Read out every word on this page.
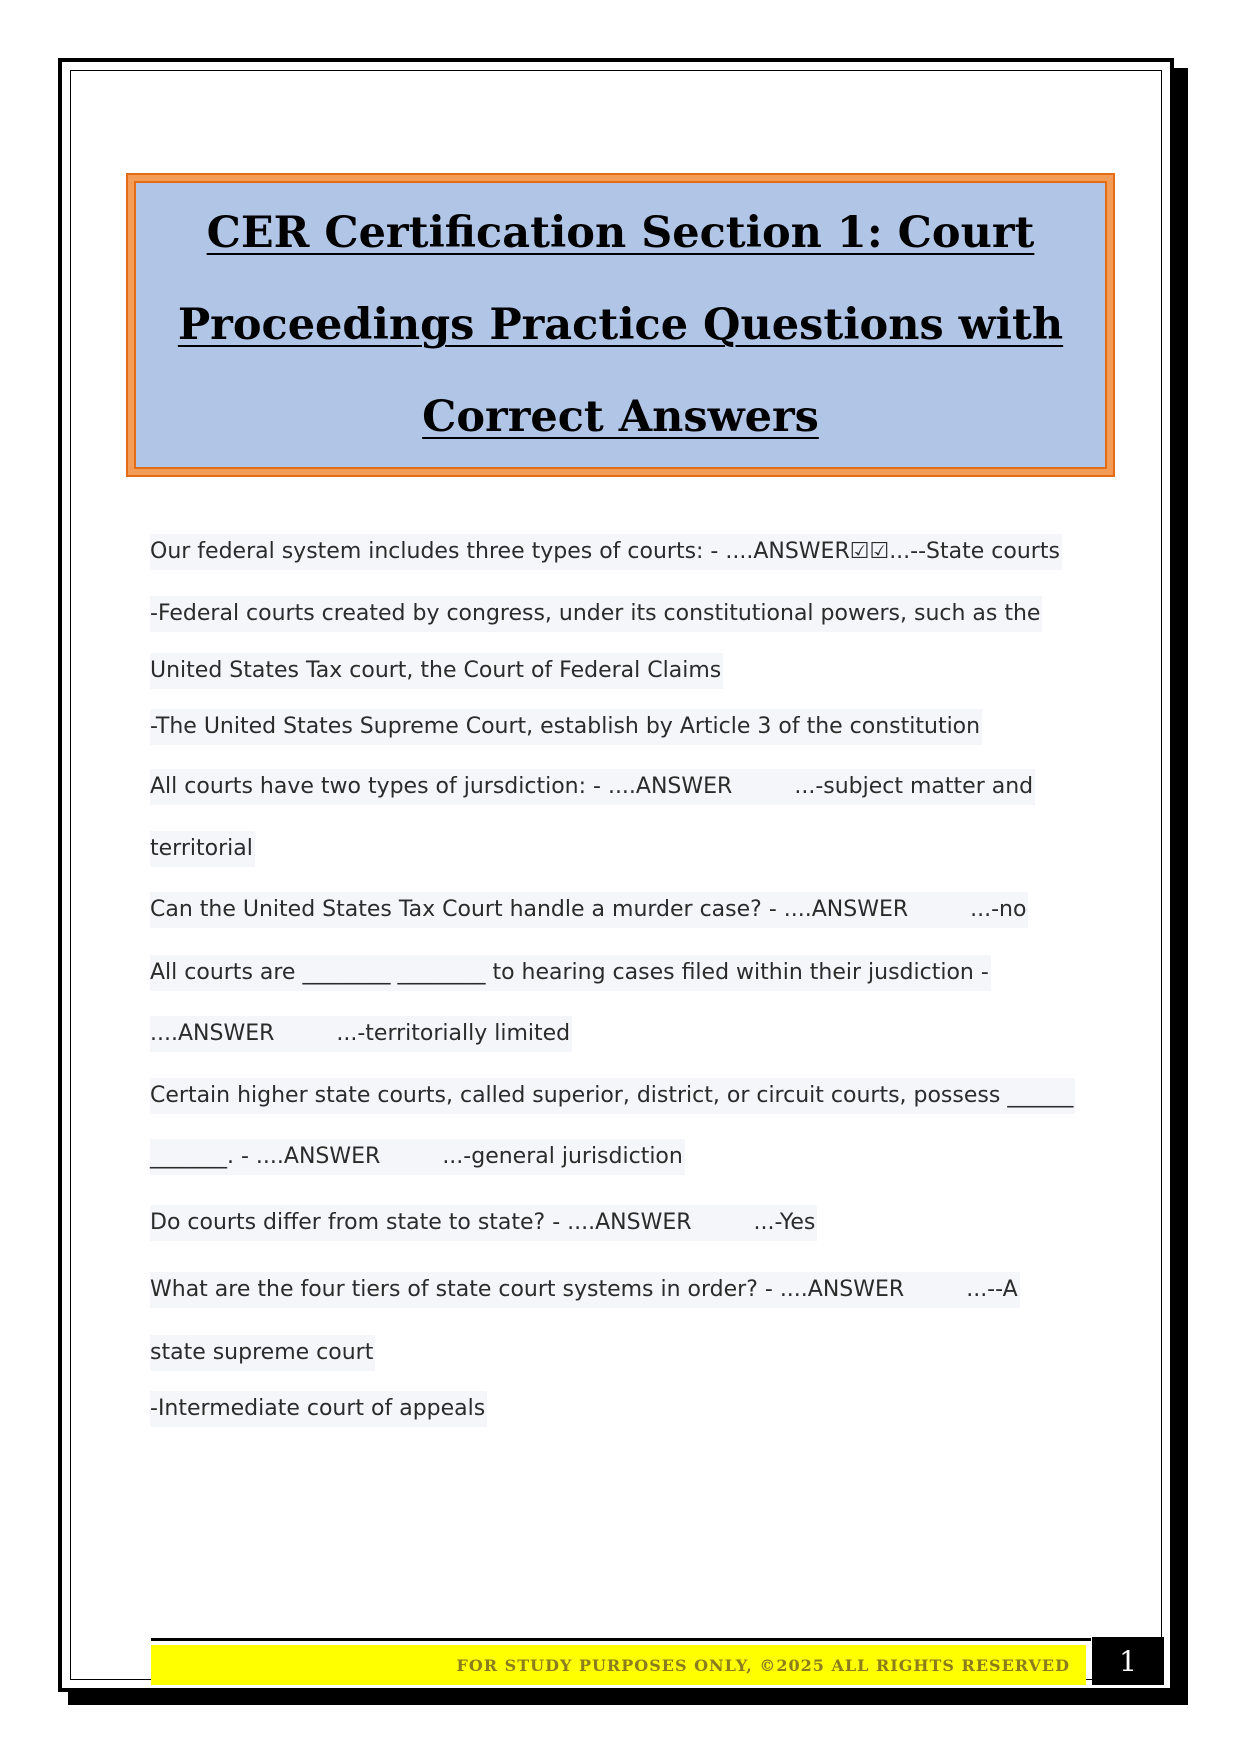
CER Certification Section 1: Court
Proceedings Practice Questions with
Correct Answers
Our federal system includes three types of courts: - ....ANSWER☑☑...--State courts
-Federal courts created by congress, under its constitutional powers, such as the
United States Tax court, the Court of Federal Claims
-The United States Supreme Court, establish by Article 3 of the constitution
All courts have two types of jursdiction: - ....ANSWER	...-subject matter and
territorial
Can the United States Tax Court handle a murder case? - ....ANSWER	...-no
All courts are ________ ________ to hearing cases filed within their jusdiction -
....ANSWER	...-territorially limited
Certain higher state courts, called superior, district, or circuit courts, possess ______
_______. - ....ANSWER	...-general jurisdiction
Do courts differ from state to state? - ....ANSWER	...-Yes
What are the four tiers of state court systems in order? - ....ANSWER	...--A
state supreme court
-Intermediate court of appeals
FOR STUDY PURPOSES ONLY, ©2025 ALL RIGHTS RESERVED	1
